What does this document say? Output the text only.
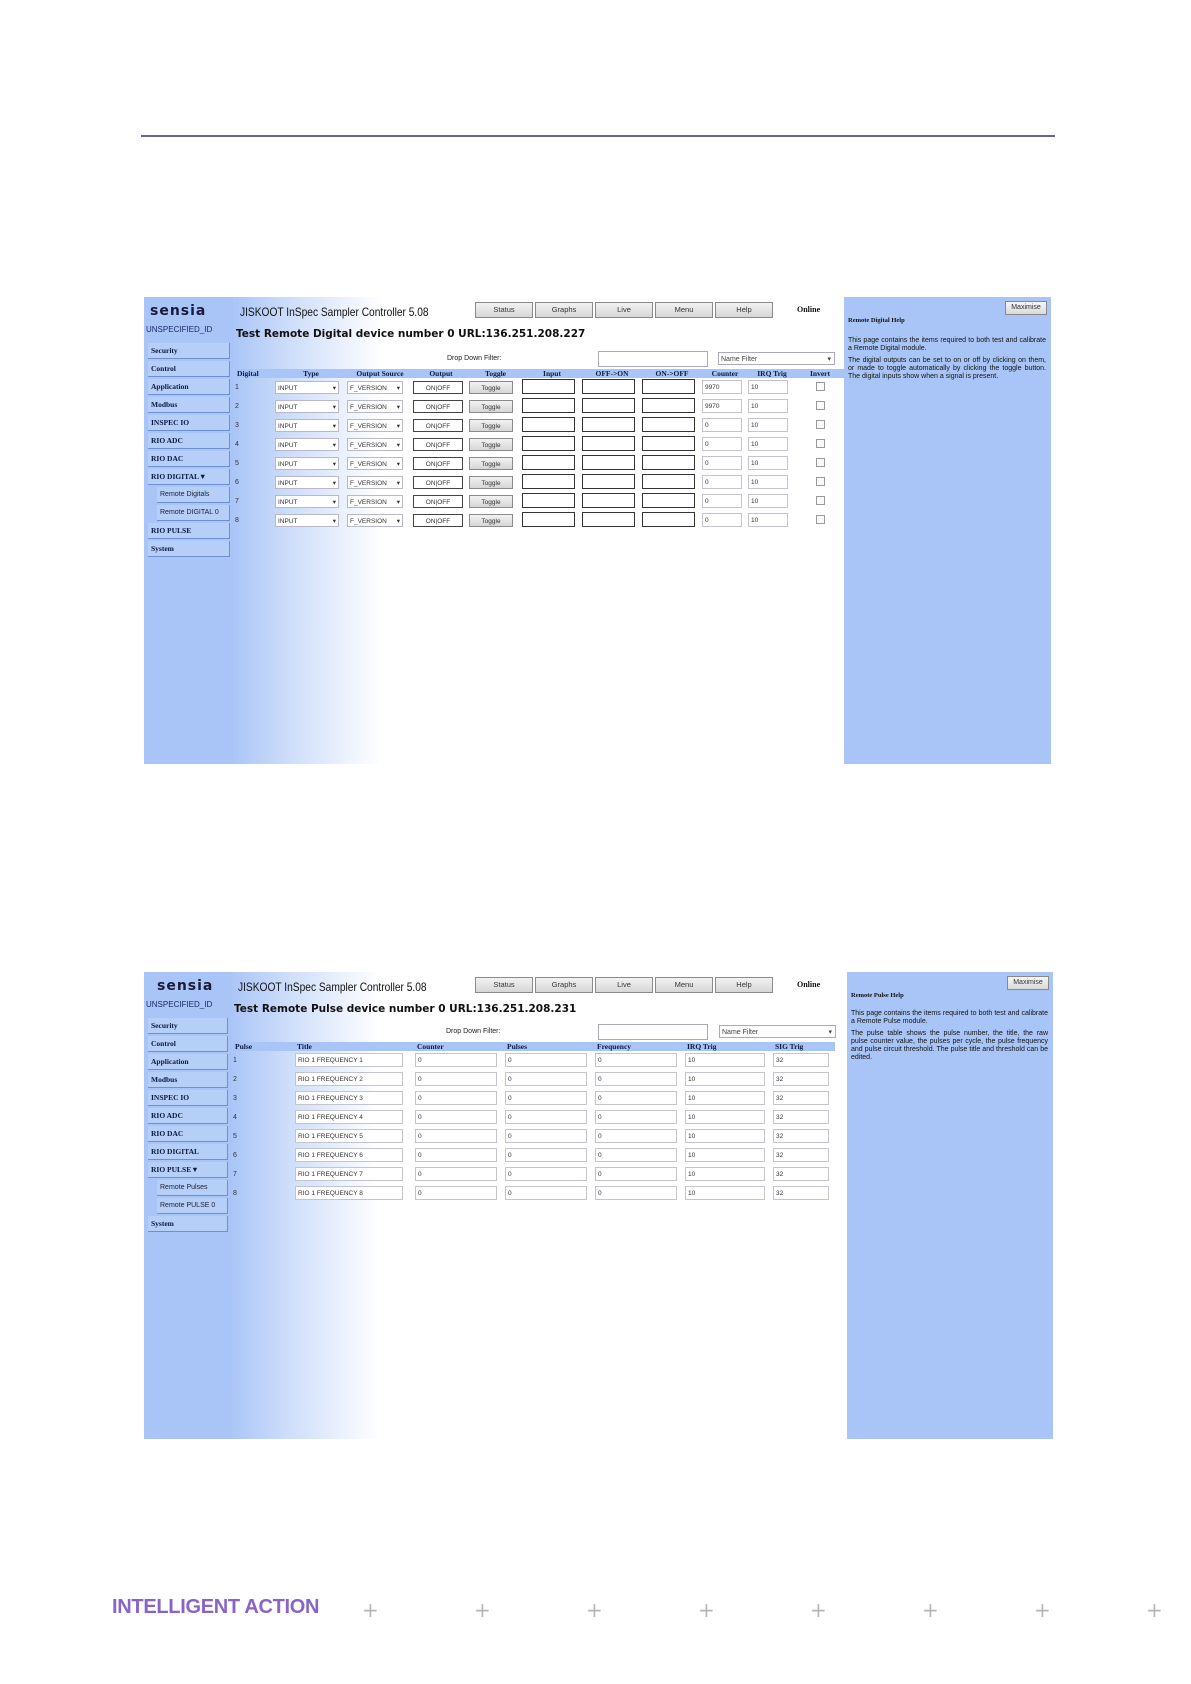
sensia
UNSPECIFIED_ID
Security
Control
Application
Modbus
INSPEC IO
RIO ADC
RIO DAC
RIO DIGITAL▼
Remote Digitals
Remote DIGITAL 0
RIO PULSE
System
JISKOOT InSpec Sampler Controller 5.08	Status	Graphs	Live	Menu	Help	Online
Test Remote Digital device number 0 URL:136.251.208.227
Drop Down Filter:	Name Filter ▾
Digital	Type	Output Source	Output	Toggle	Input	OFF->ON	ON->OFF	Counter	IRQ Trig	Invert
1	INPUT ▾	F_VERSION ▾	ON|OFF	Toggle				9970	10	
2	INPUT ▾	F_VERSION ▾	ON|OFF	Toggle				9970	10	
3	INPUT ▾	F_VERSION ▾	ON|OFF	Toggle				0	10	
4	INPUT ▾	F_VERSION ▾	ON|OFF	Toggle				0	10	
5	INPUT ▾	F_VERSION ▾	ON|OFF	Toggle				0	10	
6	INPUT ▾	F_VERSION ▾	ON|OFF	Toggle				0	10	
7	INPUT ▾	F_VERSION ▾	ON|OFF	Toggle				0	10	
8	INPUT ▾	F_VERSION ▾	ON|OFF	Toggle				0	10	
Maximise
Remote Digital Help

This page contains the items required to both test and calibrate a Remote Digital module.

The digital outputs can be set to on or off by clicking on them, or made to toggle automatically by clicking the toggle button. The digital inputs show when a signal is present.

sensia
UNSPECIFIED_ID
Security
Control
Application
Modbus
INSPEC IO
RIO ADC
RIO DAC
RIO DIGITAL
RIO PULSE▼
Remote Pulses
Remote PULSE 0
System
JISKOOT InSpec Sampler Controller 5.08	Status	Graphs	Live	Menu	Help	Online
Test Remote Pulse device number 0 URL:136.251.208.231
Drop Down Filter:	Name Filter ▾
Pulse	Title	Counter	Pulses	Frequency	IRQ Trig	SIG Trig
1	RIO 1 FREQUENCY 1	0	0	0	10	32
2	RIO 1 FREQUENCY 2	0	0	0	10	32
3	RIO 1 FREQUENCY 3	0	0	0	10	32
4	RIO 1 FREQUENCY 4	0	0	0	10	32
5	RIO 1 FREQUENCY 5	0	0	0	10	32
6	RIO 1 FREQUENCY 6	0	0	0	10	32
7	RIO 1 FREQUENCY 7	0	0	0	10	32
8	RIO 1 FREQUENCY 8	0	0	0	10	32
Maximise
Remote Pulse Help

This page contains the items required to both test and calibrate a Remote Pulse module.

The pulse table shows the pulse number, the title, the raw pulse counter value, the pulses per cycle, the pulse frequency and pulse circuit threshold. The pulse title and threshold can be edited.

INTELLIGENT ACTION +	+	+	+	+	+	+	+
